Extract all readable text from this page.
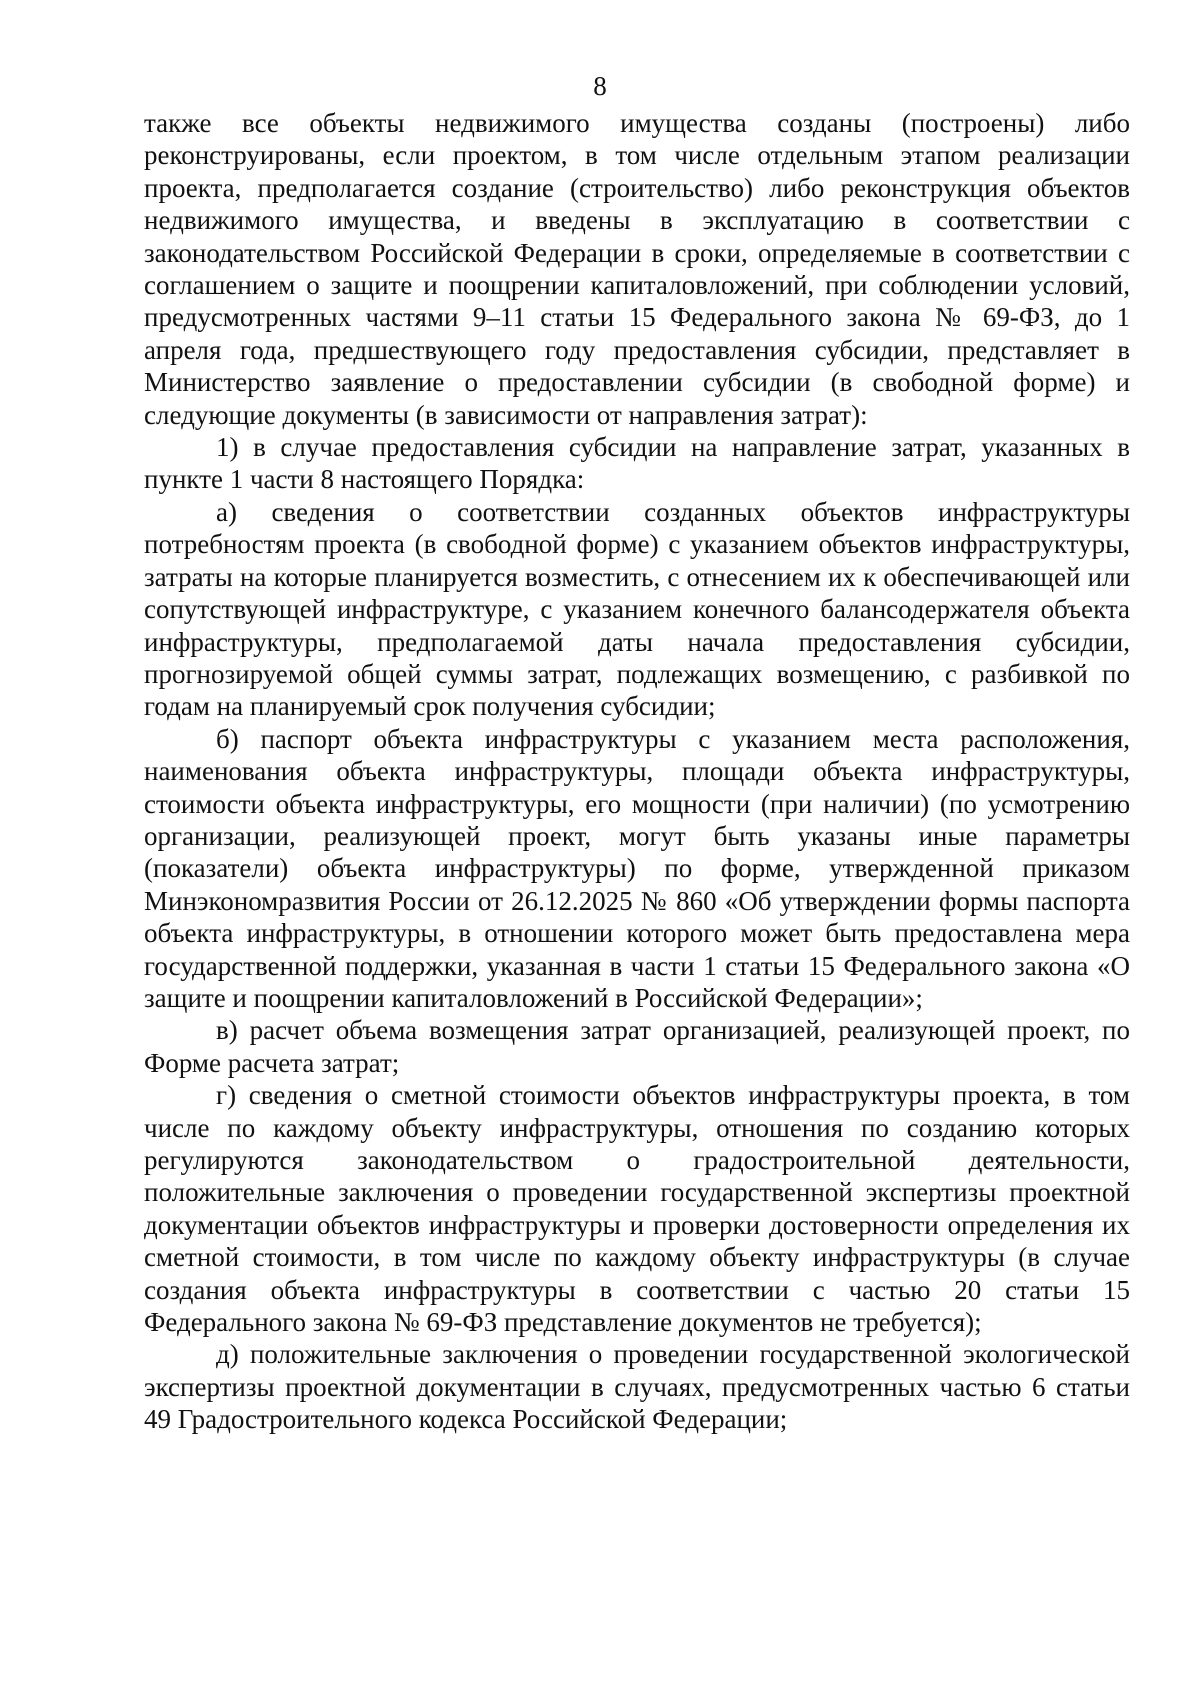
8

также все объекты недвижимого имущества созданы (построены) либо реконструированы, если проектом, в том числе отдельным этапом реализации проекта, предполагается создание (строительство) либо реконструкция объектов недвижимого имущества, и введены в эксплуатацию в соответствии с законодательством Российской Федерации в сроки, определяемые в соответствии с соглашением о защите и поощрении капиталовложений, при соблюдении условий, предусмотренных частями 9–11 статьи 15 Федерального закона № 69-ФЗ, до 1 апреля года, предшествующего году предоставления субсидии, представляет в Министерство заявление о предоставлении субсидии (в свободной форме) и следующие документы (в зависимости от направления затрат):

1) в случае предоставления субсидии на направление затрат, указанных в пункте 1 части 8 настоящего Порядка:

а) сведения о соответствии созданных объектов инфраструктуры потребностям проекта (в свободной форме) с указанием объектов инфраструктуры, затраты на которые планируется возместить, с отнесением их к обеспечивающей или сопутствующей инфраструктуре, с указанием конечного балансодержателя объекта инфраструктуры, предполагаемой даты начала предоставления субсидии, прогнозируемой общей суммы затрат, подлежащих возмещению, с разбивкой по годам на планируемый срок получения субсидии;

б) паспорт объекта инфраструктуры с указанием места расположения, наименования объекта инфраструктуры, площади объекта инфраструктуры, стоимости объекта инфраструктуры, его мощности (при наличии) (по усмотрению организации, реализующей проект, могут быть указаны иные параметры (показатели) объекта инфраструктуры) по форме, утвержденной приказом Минэкономразвития России от 26.12.2025 № 860 «Об утверждении формы паспорта объекта инфраструктуры, в отношении которого может быть предоставлена мера государственной поддержки, указанная в части 1 статьи 15 Федерального закона «О защите и поощрении капиталовложений в Российской Федерации»;

в) расчет объема возмещения затрат организацией, реализующей проект, по Форме расчета затрат;

г) сведения о сметной стоимости объектов инфраструктуры проекта, в том числе по каждому объекту инфраструктуры, отношения по созданию которых регулируются законодательством о градостроительной деятельности, положительные заключения о проведении государственной экспертизы проектной документации объектов инфраструктуры и проверки достоверности определения их сметной стоимости, в том числе по каждому объекту инфраструктуры (в случае создания объекта инфраструктуры в соответствии с частью 20 статьи 15 Федерального закона № 69-ФЗ представление документов не требуется);

д) положительные заключения о проведении государственной экологической экспертизы проектной документации в случаях, предусмотренных частью 6 статьи 49 Градостроительного кодекса Российской Федерации;
